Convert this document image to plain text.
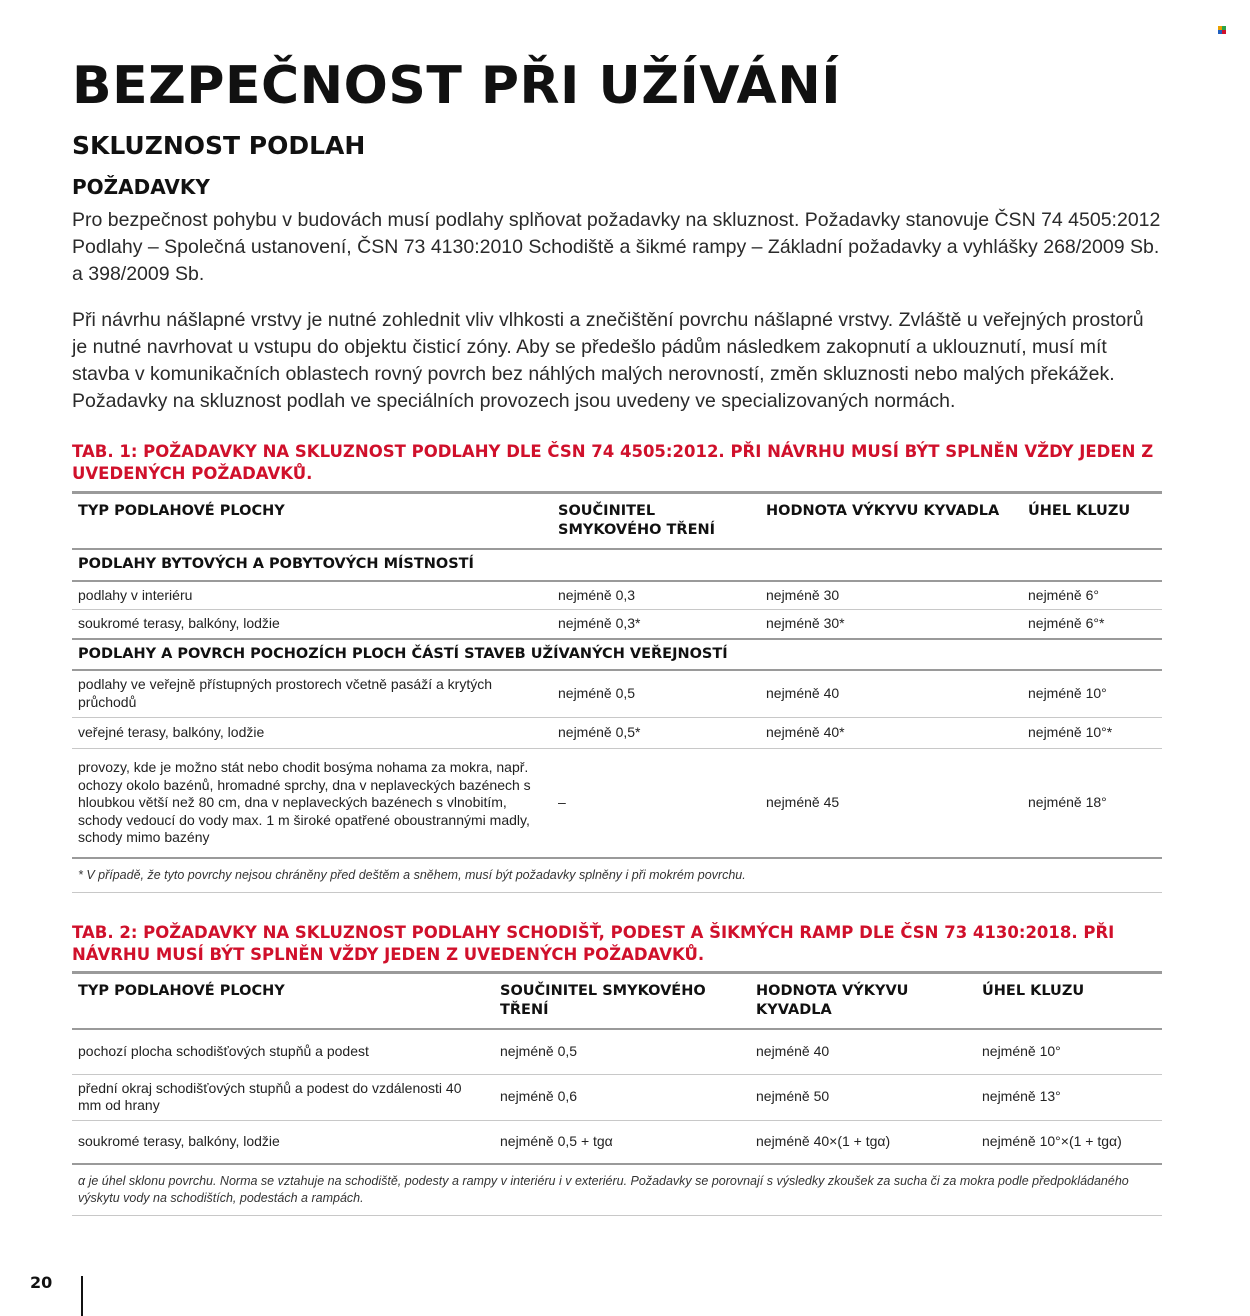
BEZPEČNOST PŘI UŽÍVÁNÍ
SKLUZNOST PODLAH
POŽADAVKY

Pro bezpečnost pohybu v budovách musí podlahy splňovat požadavky na skluznost. Požadavky stanovuje ČSN 74 4505:2012 Podlahy – Společná ustanovení, ČSN 73 4130:2010 Schodiště a šikmé rampy – Základní požadavky a vyhlášky 268/2009 Sb. a 398/2009 Sb.

Při návrhu nášlapné vrstvy je nutné zohlednit vliv vlhkosti a znečištění povrchu nášlapné vrstvy. Zvláště u veřejných prostorů je nutné navrhovat u vstupu do objektu čisticí zóny. Aby se předešlo pádům následkem zakopnutí a uklouznutí, musí mít stavba v komunikačních oblastech rovný povrch bez náhlých malých nerovností, změn skluznosti nebo malých překážek. Požadavky na skluznost podlah ve speciálních provozech jsou uvedeny ve specializovaných normách.

TAB. 1: POŽADAVKY NA SKLUZNOST PODLAHY DLE ČSN 74 4505:2012. PŘI NÁVRHU MUSÍ BÝT SPLNĚN VŽDY JEDEN Z UVEDENÝCH POŽADAVKŮ.

TYP PODLAHOVÉ PLOCHY	SOUČINITEL SMYKOVÉHO TŘENÍ	HODNOTA VÝKYVU KYVADLA	ÚHEL KLUZU
PODLAHY BYTOVÝCH A POBYTOVÝCH MÍSTNOSTÍ			
podlahy v interiéru	nejméně 0,3	nejméně 30	nejméně 6°
soukromé terasy, balkóny, lodžie	nejméně 0,3*	nejméně 30*	nejméně 6°*
PODLAHY A POVRCH POCHOZÍCH PLOCH ČÁSTÍ STAVEB UŽÍVANÝCH VEŘEJNOSTÍ			
podlahy ve veřejně přístupných prostorech včetně pasáží a krytých průchodů	nejméně 0,5	nejméně 40	nejméně 10°
veřejné terasy, balkóny, lodžie	nejméně 0,5*	nejméně 40*	nejméně 10°*
provozy, kde je možno stát nebo chodit bosýma nohama za mokra, např. ochozy okolo bazénů, hromadné sprchy, dna v neplaveckých bazénech s hloubkou větší než 80 cm, dna v neplaveckých bazénech s vlnobitím, schody vedoucí do vody max. 1 m široké opatřené oboustrannými madly, schody mimo bazény	–	nejméně 45	nejméně 18°
* V případě, že tyto povrchy nejsou chráněny před deštěm a sněhem, musí být požadavky splněny i při mokrém povrchu.			

TAB. 2: POŽADAVKY NA SKLUZNOST PODLAHY SCHODIŠŤ, PODEST A ŠIKMÝCH RAMP DLE ČSN 73 4130:2018. PŘI NÁVRHU MUSÍ BÝT SPLNĚN VŽDY JEDEN Z UVEDENÝCH POŽADAVKŮ.

TYP PODLAHOVÉ PLOCHY	SOUČINITEL SMYKOVÉHO TŘENÍ	HODNOTA VÝKYVU KYVADLA	ÚHEL KLUZU
pochozí plocha schodišťových stupňů a podest	nejméně 0,5	nejméně 40	nejméně 10°
přední okraj schodišťových stupňů a podest do vzdálenosti 40 mm od hrany	nejméně 0,6	nejméně 50	nejméně 13°
soukromé terasy, balkóny, lodžie	nejméně 0,5 + tgα	nejméně 40×(1 + tgα)	nejméně 10°×(1 + tgα)
α je úhel sklonu povrchu. Norma se vztahuje na schodiště, podesty a rampy v interiéru i v exteriéru. Požadavky se porovnají s výsledky zkoušek za sucha či za mokra podle předpokládaného výskytu vody na schodištích, podestách a rampách.			
20
